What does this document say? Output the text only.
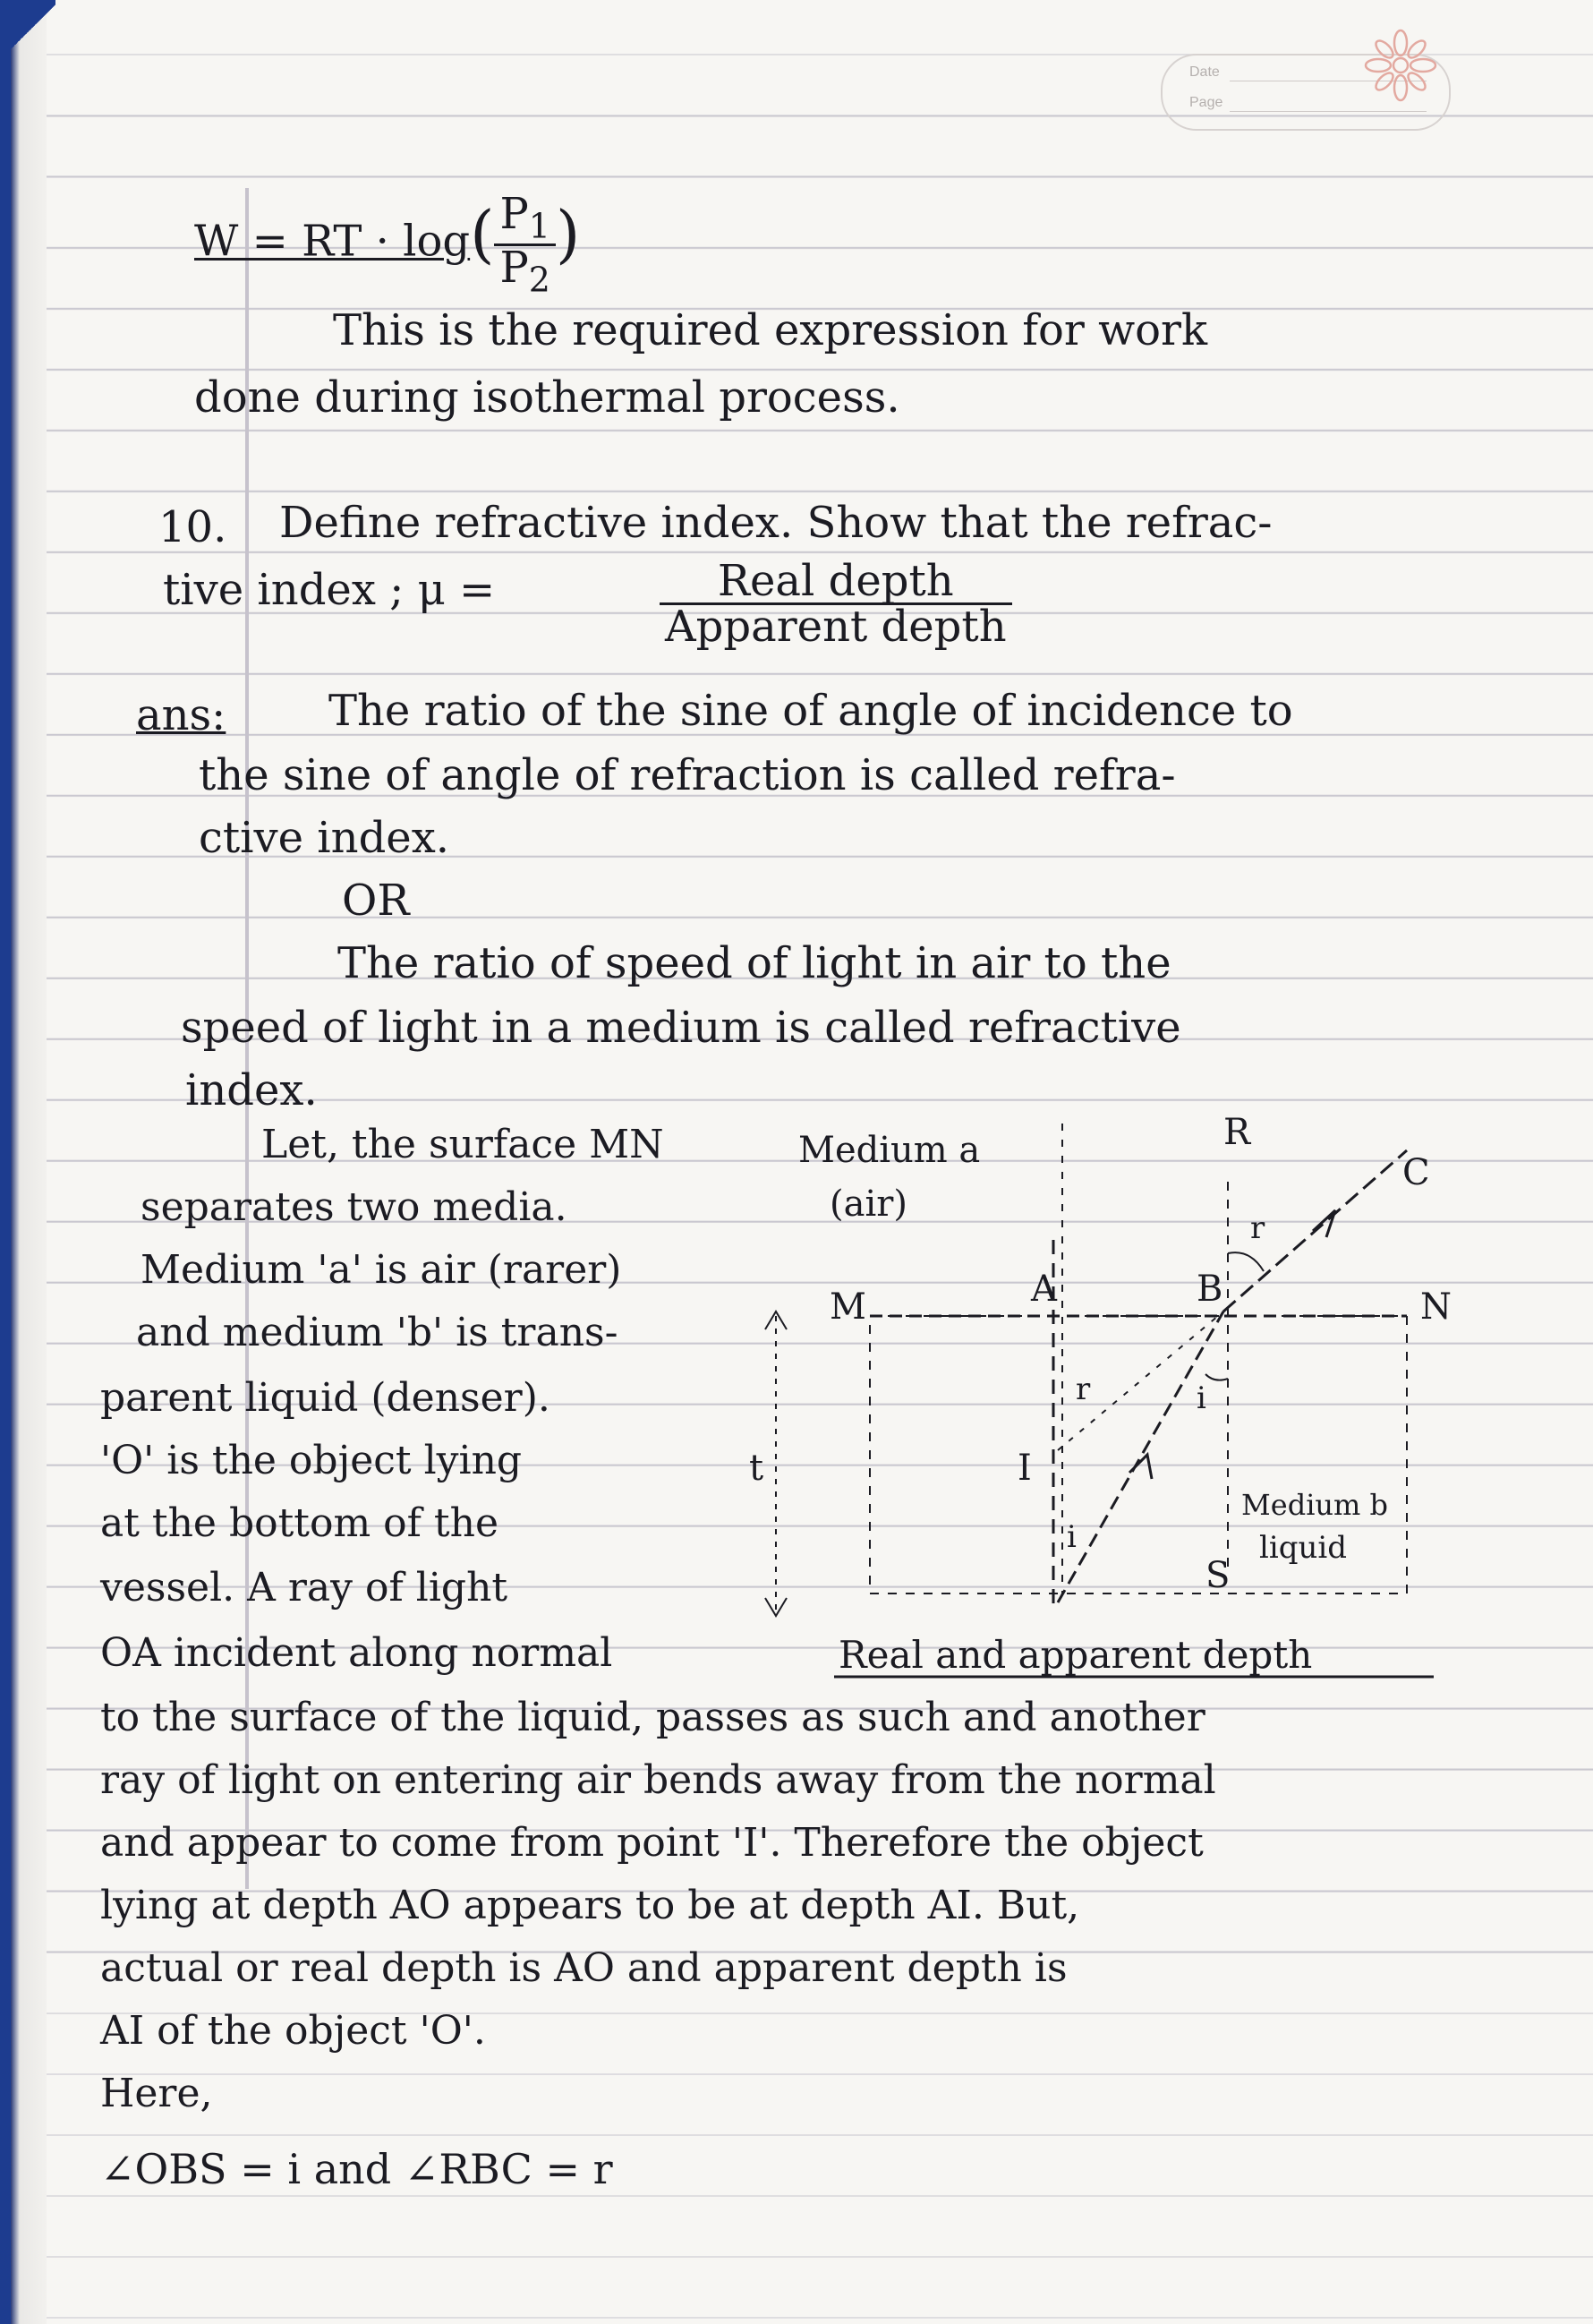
Date
Page
W = RT · $\log( \frac{P_1}{P_2}$ )
This is the required expression for work
done during isothermal process.
10. Define refractive index. Show that the refrac-
tive index ; μ =	$\frac{\text{Real depth}}{\text{Apparent depth}}$
ans: The ratio of the sine of angle of incidence to
the sine of angle of refraction is called refra-
ctive index.
OR
The ratio of speed of light in air to the
speed of light in a medium is called refractive
index.
Let, the surface MN
separates two media.
Medium 'a' is air (rarer)
and medium 'b' is trans-
parent liquid (denser).
'O' is the object lying
at the bottom of the
vessel. A ray of light
Medium a
(air)
R
C
r
M	A	B	N
r	i
I
t
i
S
Medium b
liquid
Real and apparent depth
OA incident along normal
to the surface of the liquid, passes as such and another
ray of light on entering air bends away from the normal
and appear to come from point 'I'. Therefore the object
lying at depth AO appears to be at depth AI. But,
actual or real depth is AO and apparent depth is
AI of the object 'O'.
Here,
∠OBS = i and ∠RBC = r
